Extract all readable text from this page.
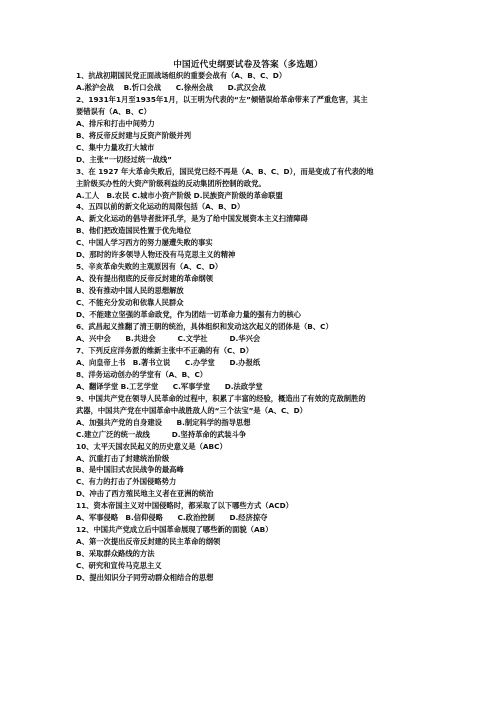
中国近代史纲要试卷及答案（多选题）
1、抗战初期国民党正面战场组织的重要会战有（A、B、C、D）
A.淞沪会战　 B.忻口会战　　C.徐州会战　　D.武汉会战
2、1931年1月至1935年1月，以王明为代表的“左”倾错误给革命带来了严重危害，其主
要错误有（A、B、C）
A、排斥和打击中间势力
B、将反帝反封建与反资产阶级并列
C、集中力量攻打大城市
D、主张“一切经过统一战线”
3、在 1927 年大革命失败后，国民党已经不再是（A、B、C、D），而是变成了有代表的地
主阶级买办性的大资产阶级利益的反动集团所控制的政党。
A.工人　B.农民 C.城市小资产阶级 D.民族资产阶级的革命联盟
4、五四以前的新文化运动的局限包括（A、B、D）
A、新文化运动的倡导者批评孔学，是为了给中国发展资本主义扫清障碍
B、他们把改造国民性置于优先地位
C、中国人学习西方的努力屡遭失败的事实
D、那时的许多领导人物还没有马克思主义的精神
5、辛亥革命失败的主观原因有（A、C、D）
A、没有提出彻底的反帝反封建的革命纲领
B、没有推动中国人民的思想解放
C、不能充分发动和依靠人民群众
D、不能建立坚强的革命政党，作为团结一切革命力量的强有力的核心
6、武昌起义推翻了清王朝的统治，具体组织和发动这次起义的团体是（B、C）
A、兴中会　　B.共进会　　　C.文学社　　　D.华兴会
7、下列反应洋务派的维新主张中不正确的有（C、D）
A、向皇帝上书　B.著书立说　　C.办学堂　　D.办报纸
8、洋务运动创办的学堂有（A、B、C）
A、翻译学堂 B.工艺学堂　　C.军事学堂　　D.法政学堂
9、中国共产党在领导人民革命的过程中，积累了丰富的经验，概造出了有效的克敌制胜的
武器，中国共产党在中国革命中战胜敌人的“三个法宝”是（A、C、D）
A、加强共产党的自身建设　　B.制定科学的指导思想
C.建立广泛的统一战线　　　D.坚持革命的武装斗争
10、太平天国农民起义的历史意义是（ABC）
A、沉重打击了封建统治阶级
B、是中国旧式农民战争的最高峰
C、有力的打击了外国侵略势力
D、冲击了西方殖民地主义者在亚洲的统治
11、资本帝国主义对中国侵略时，都采取了以下哪些方式（ACD）
A、军事侵略　B.信仰侵略　　C.政治控制　　D.经济掠夺
12、中国共产党成立后中国革命展现了哪些新的面貌（AB）
A、第一次提出反帝反封建的民主革命的纲领
B、采取群众路线的方法
C、研究和宣传马克思主义
D、提出知识分子同劳动群众相结合的思想
